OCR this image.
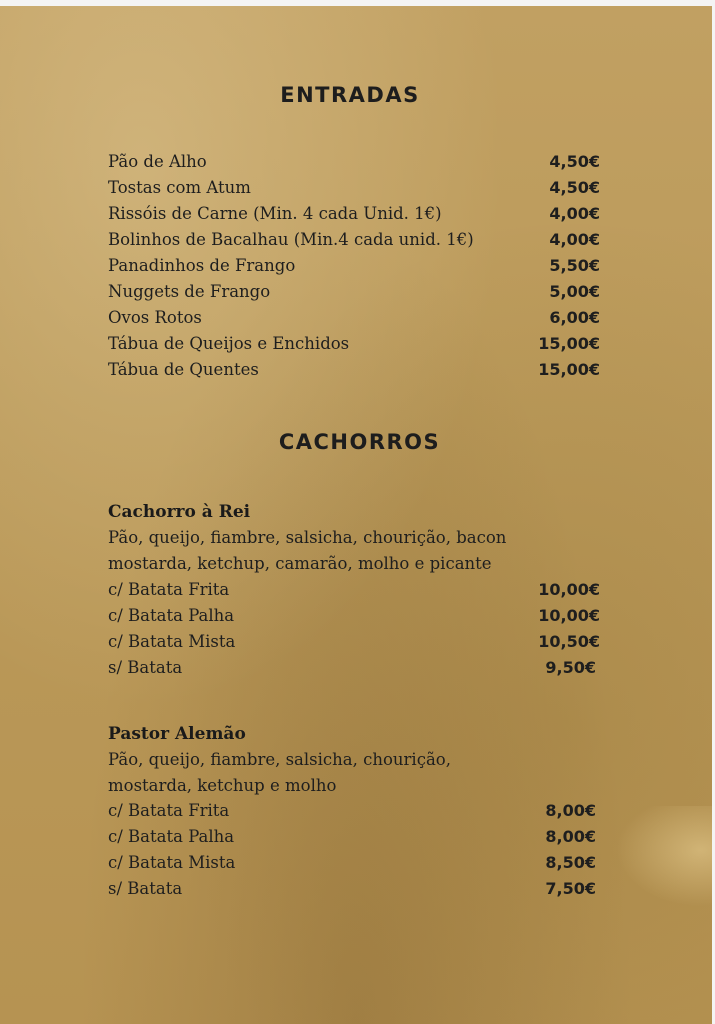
ENTRADAS
Pão de Alho	4,50€
Tostas com Atum	4,50€
Rissóis de Carne (Min. 4 cada Unid. 1€)	4,00€
Bolinhos de Bacalhau (Min.4 cada unid. 1€)	4,00€
Panadinhos de Frango	5,50€
Nuggets de Frango	5,00€
Ovos Rotos	6,00€
Tábua de Queijos e Enchidos	15,00€
Tábua de Quentes	15,00€
CACHORROS
Cachorro à Rei
Pão, queijo, fiambre, salsicha, chourição, bacon
mostarda, ketchup, camarão, molho e picante
c/ Batata Frita	10,00€
c/ Batata Palha	10,00€
c/ Batata Mista	10,50€
s/ Batata	9,50€
Pastor Alemão
Pão, queijo, fiambre, salsicha, chourição,
mostarda, ketchup e molho
c/ Batata Frita	8,00€
c/ Batata Palha	8,00€
c/ Batata Mista	8,50€
s/ Batata	7,50€
